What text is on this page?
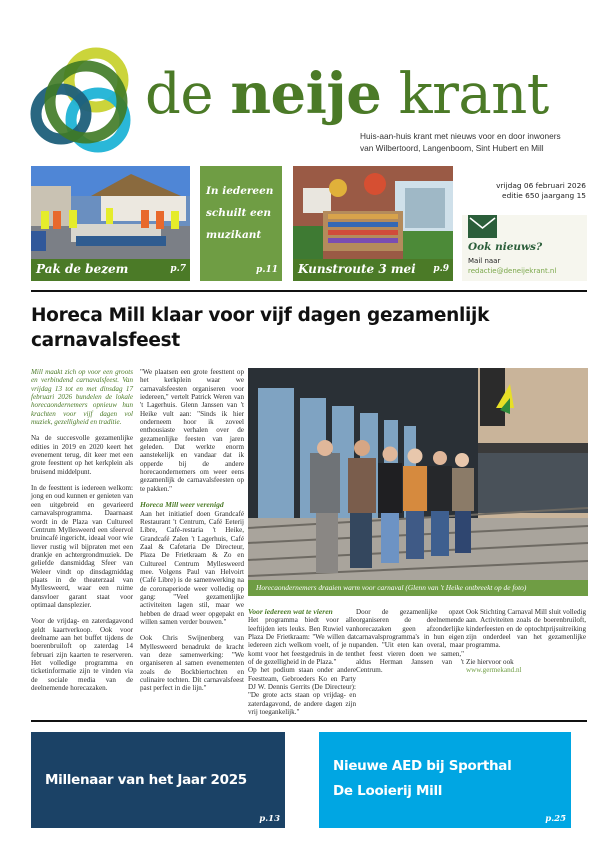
de neije krant
Huis-aan-huis krant met nieuws voor en door inwoners
van Wilbertoord, Langenboom, Sint Hubert en Mill
Pak de bezem	p.7
In iedereen schuilt een muzikant
p.11 Kunstroute 3 mei p.9
vrijdag 06 februari 2026
editie 650 jaargang 15
Ook nieuws?
Mail naar
redactie@deneijekrant.nl
Horeca Mill klaar voor vijf dagen gezamenlijk carnavalsfeest

Mill maakt zich op voor een groots en verbindend carnavalsfeest. Van vrijdag 13 tot en met dinsdag 17 februari 2026 bundelen de lokale horecaondernemers opnieuw hun krachten voor vijf dagen vol muziek, gezelligheid en traditie.

Na de succesvolle gezamenlijke edities in 2019 en 2020 keert het evenement terug, dit keer met een grote feesttent op het kerkplein als bruisend middelpunt.

In de feesttent is iedereen welkom: jong en oud kunnen er genieten van een uitgebreid en gevarieerd carnavalsprogramma. Daarnaast wordt in de Plaza van Cultureel Centrum Myllesweerd een sfeervol bruincafé ingericht, ideaal voor wie liever rustig wil bijpraten met een drankje en achtergrondmuziek. De geliefde dansmiddag Sfeer van Weleer vindt op dinsdagmiddag plaats in de theaterzaal van Myllesweerd, waar een ruime dansvloer garant staat voor optimaal dansplezier.

Voor de vrijdag- en zaterdagavond geldt kaartverkoop. Ook voor deelname aan het buffet tijdens de boerenbruiloft op zaterdag 14 februari zijn kaarten te reserveren. Het volledige programma en ticketinformatie zijn te vinden via de sociale media van de deelnemende horecazaken.

"We plaatsen een grote feesttent op het kerkplein waar we carnavalsfeesten organiseren voor iedereen," vertelt Patrick Weren van 't Lagerhuis. Glenn Janssen van 't Heike vult aan: "Sinds ik hier onderneem hoor ik zoveel enthousiaste verhalen over de gezamenlijke feesten van jaren geleden. Dat werkte enorm aanstekelijk en vandaar dat ik opperde bij de andere horecaondernemers om weer eens gezamenlijk de carnavalsfeesten op te pakken."

Horeca Mill weer verenigd

Aan het initiatief doen Grandcafé Restaurant 't Centrum, Café Eeterij Libre, Café-restaria 't Heike, Grandcafé Zalen 't Lagerhuis, Café Zaal & Cafetaria De Directeur, Plaza De Frietkraam & Zo en Cultureel Centrum Myllesweerd mee. Volgens Paul van Helvoirt (Café Libre) is de samenwerking na de coronaperiode weer volledig op gang: "Veel gezamenlijke activiteiten lagen stil, maar we hebben de draad weer opgepakt en willen samen verder bouwen."

Ook Chris Swijnenberg van Myllesweerd benadrukt de kracht van deze samenwerking: "We organiseren al samen evenementen zoals de Bockbiertochten en culinaire tochten. Dit carnavalsfeest past perfect in die lijn."

Horecaondernemers draaien warm voor carnaval (Glenn van 't Heike ontbreekt op de foto)
Voor iedereen wat te vieren

Het programma biedt voor alle leeftijden iets leuks. Ben Ruwiel van Plaza De Frietkraam: "We willen dat iedereen zich welkom voelt, of je nu komt voor het feestgedruis in de tent of de gezelligheid in de Plaza."

Op het podium staan onder andere Feestteam, Gebroeders Ko en Party DJ W. Dennis Gerrits (De Directeur): "De grote acts staan op vrijdag- en zaterdagavond, de andere dagen zijn vrij toegankelijk."

Door de gezamenlijke opzet organiseren de deelnemende horecazaken geen afzonderlijke carnavalsprogramma's in hun eigen panden. "Uit eten kan overal, maar het feest vieren doen we samen," aldus Herman Janssen van 't Centrum.

Ook Stichting Carnaval Mill sluit volledig aan. Activiteiten zoals de boerenbruiloft, kinderfeesten en de optochtprijsuitreiking zijn onderdeel van het gezamenlijke programma.

Zie hiervoor ook

www.germekand.nl
Millenaar van het Jaar 2025
p.13
Nieuwe AED bij Sporthal
De Looierij Mill
p.25
